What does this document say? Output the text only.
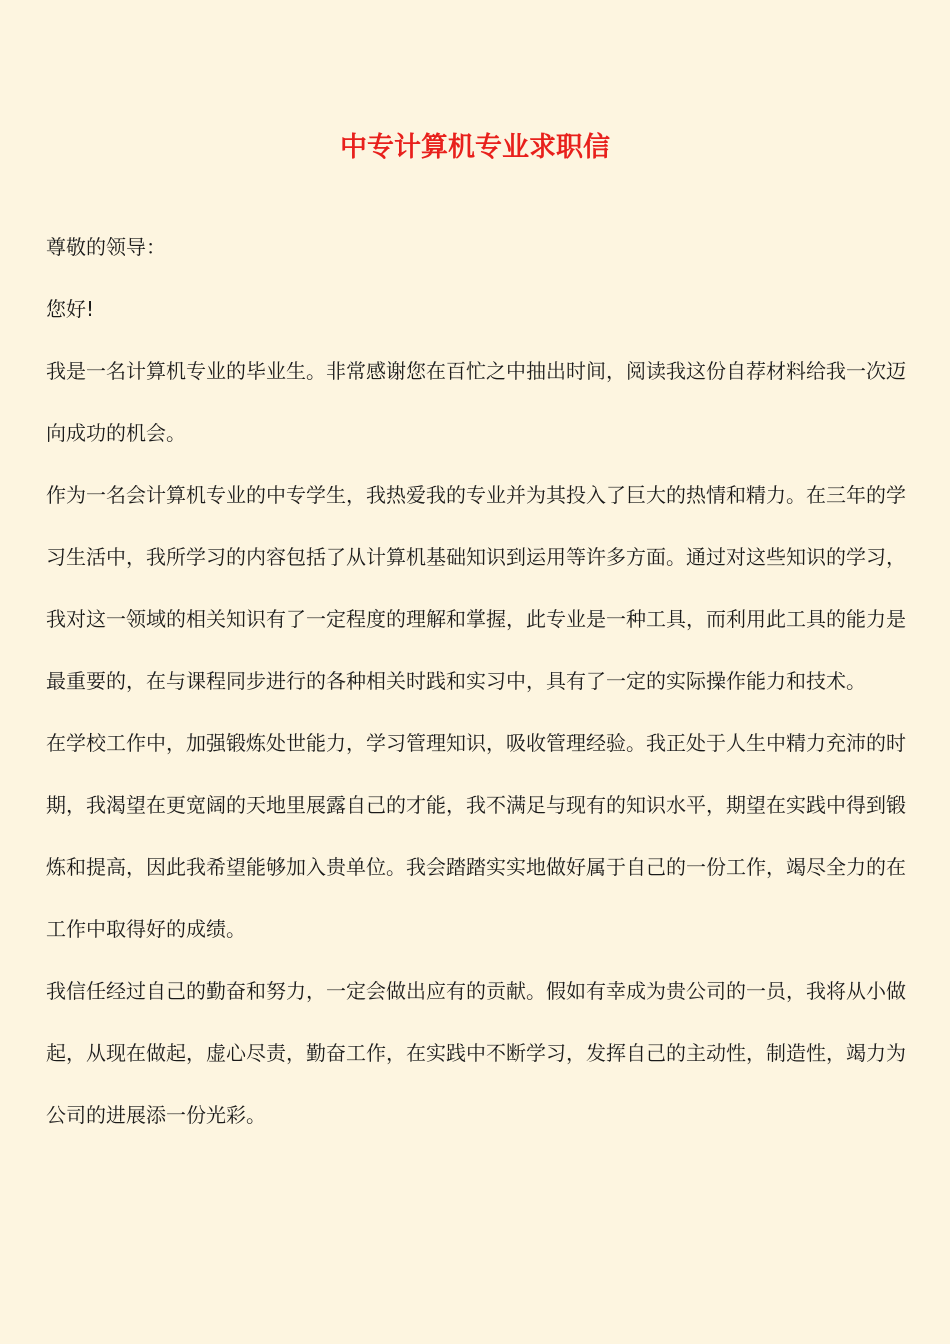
中专计算机专业求职信

尊敬的领导：

您好!

我是一名计算机专业的毕业生。非常感谢您在百忙之中抽出时间，阅读我这份自荐材料给我一次迈向成功的机会。

作为一名会计算机专业的中专学生，我热爱我的专业并为其投入了巨大的热情和精力。在三年的学习生活中，我所学习的内容包括了从计算机基础知识到运用等许多方面。通过对这些知识的学习，我对这一领域的相关知识有了一定程度的理解和掌握，此专业是一种工具，而利用此工具的能力是最重要的，在与课程同步进行的各种相关时践和实习中，具有了一定的实际操作能力和技术。

在学校工作中，加强锻炼处世能力，学习管理知识，吸收管理经验。我正处于人生中精力充沛的时期，我渴望在更宽阔的天地里展露自己的才能，我不满足与现有的知识水平，期望在实践中得到锻炼和提高，因此我希望能够加入贵单位。我会踏踏实实地做好属于自己的一份工作，竭尽全力的在工作中取得好的成绩。

我信任经过自己的勤奋和努力，一定会做出应有的贡献。假如有幸成为贵公司的一员，我将从小做起，从现在做起，虚心尽责，勤奋工作，在实践中不断学习，发挥自己的主动性，制造性，竭力为公司的进展添一份光彩。
